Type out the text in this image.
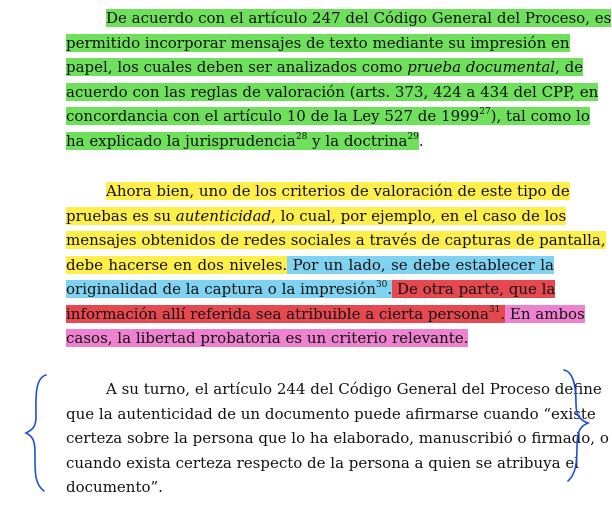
De acuerdo con el artículo 247 del Código General del Proceso, es
permitido incorporar mensajes de texto mediante su impresión en
papel, los cuales deben ser analizados como prueba documental, de
acuerdo con las reglas de valoración (arts. 373, 424 a 434 del CPP, en
concordancia con el artículo 10 de la Ley 527 de 1999$^{27}$), tal como lo
ha explicado la jurisprudencia$^{28}$ y la doctrina$^{29}$.
Ahora bien, uno de los criterios de valoración de este tipo de
pruebas es su autenticidad, lo cual, por ejemplo, en el caso de los
mensajes obtenidos de redes sociales a través de capturas de pantalla,
debe hacerse en dos niveles. Por un lado, se debe establecer la
originalidad de la captura o la impresión$^{30}$. De otra parte, que la
información allí referida sea atribuible a cierta persona$^{31}$. En ambos
casos, la libertad probatoria es un criterio relevante.
A su turno, el artículo 244 del Código General del Proceso define
que la autenticidad de un documento puede afirmarse cuando “existe
certeza sobre la persona que lo ha elaborado, manuscribió o firmado, o
cuando exista certeza respecto de la persona a quien se atribuya el
documento”.
